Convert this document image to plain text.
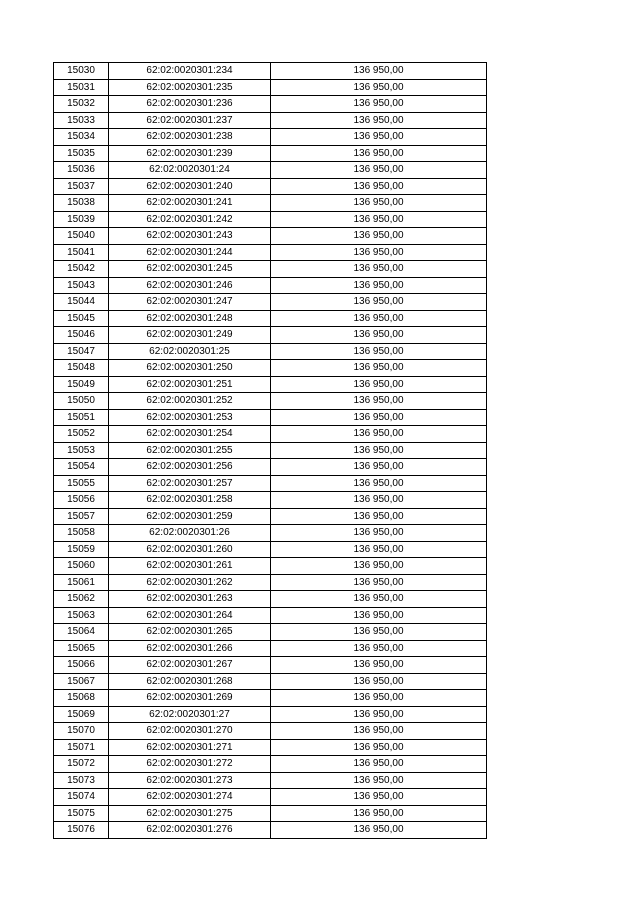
15030	62:02:0020301:234	136 950,00
15031	62:02:0020301:235	136 950,00
15032	62:02:0020301:236	136 950,00
15033	62:02:0020301:237	136 950,00
15034	62:02:0020301:238	136 950,00
15035	62:02:0020301:239	136 950,00
15036	62:02:0020301:24	136 950,00
15037	62:02:0020301:240	136 950,00
15038	62:02:0020301:241	136 950,00
15039	62:02:0020301:242	136 950,00
15040	62:02:0020301:243	136 950,00
15041	62:02:0020301:244	136 950,00
15042	62:02:0020301:245	136 950,00
15043	62:02:0020301:246	136 950,00
15044	62:02:0020301:247	136 950,00
15045	62:02:0020301:248	136 950,00
15046	62:02:0020301:249	136 950,00
15047	62:02:0020301:25	136 950,00
15048	62:02:0020301:250	136 950,00
15049	62:02:0020301:251	136 950,00
15050	62:02:0020301:252	136 950,00
15051	62:02:0020301:253	136 950,00
15052	62:02:0020301:254	136 950,00
15053	62:02:0020301:255	136 950,00
15054	62:02:0020301:256	136 950,00
15055	62:02:0020301:257	136 950,00
15056	62:02:0020301:258	136 950,00
15057	62:02:0020301:259	136 950,00
15058	62:02:0020301:26	136 950,00
15059	62:02:0020301:260	136 950,00
15060	62:02:0020301:261	136 950,00
15061	62:02:0020301:262	136 950,00
15062	62:02:0020301:263	136 950,00
15063	62:02:0020301:264	136 950,00
15064	62:02:0020301:265	136 950,00
15065	62:02:0020301:266	136 950,00
15066	62:02:0020301:267	136 950,00
15067	62:02:0020301:268	136 950,00
15068	62:02:0020301:269	136 950,00
15069	62:02:0020301:27	136 950,00
15070	62:02:0020301:270	136 950,00
15071	62:02:0020301:271	136 950,00
15072	62:02:0020301:272	136 950,00
15073	62:02:0020301:273	136 950,00
15074	62:02:0020301:274	136 950,00
15075	62:02:0020301:275	136 950,00
15076	62:02:0020301:276	136 950,00
